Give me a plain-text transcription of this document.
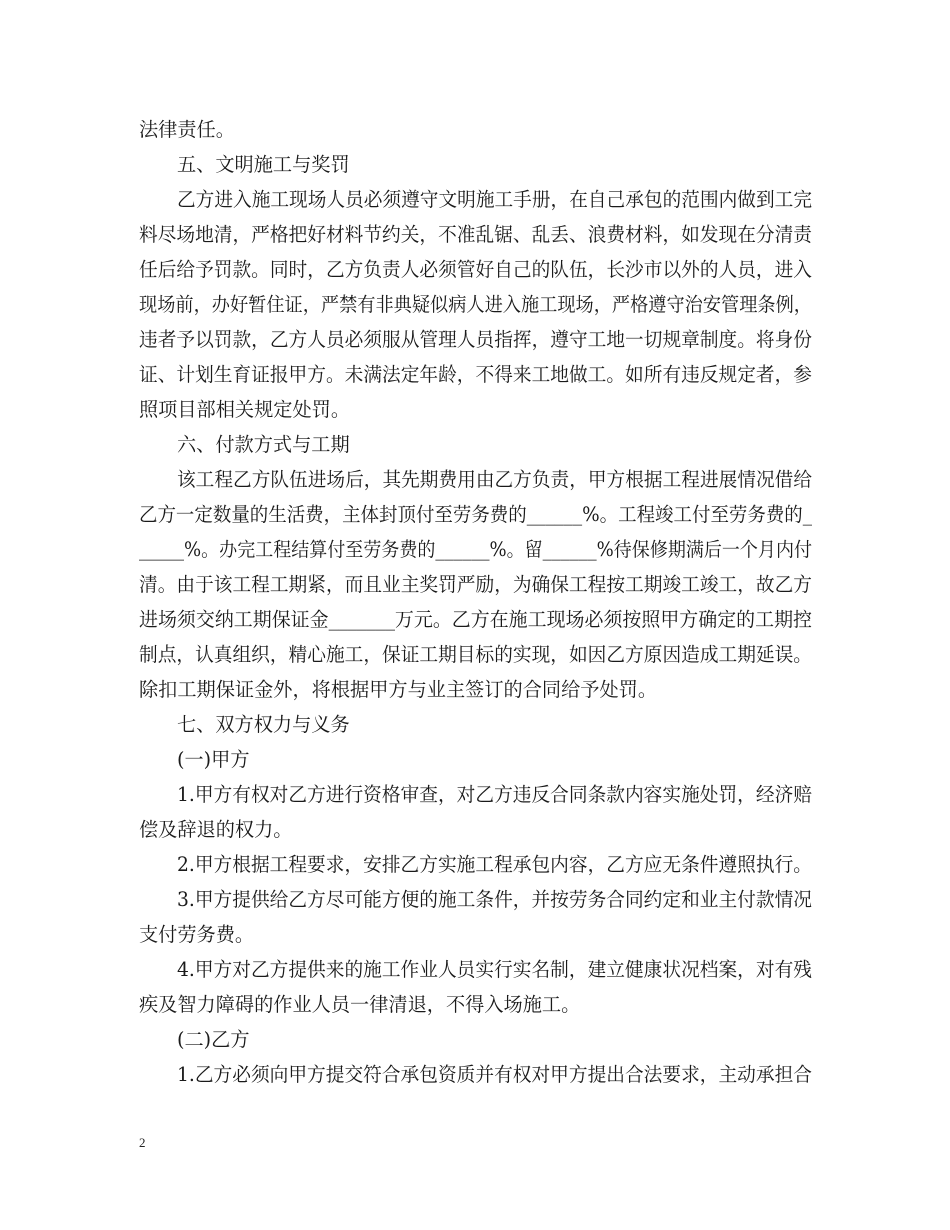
法律责任。
五、文明施工与奖罚
乙方进入施工现场人员必须遵守文明施工手册，在自己承包的范围内做到工完
料尽场地清，严格把好材料节约关，不准乱锯、乱丢、浪费材料，如发现在分清责
任后给予罚款。同时，乙方负责人必须管好自己的队伍，长沙市以外的人员，进入
现场前，办好暂住证，严禁有非典疑似病人进入施工现场，严格遵守治安管理条例，
违者予以罚款，乙方人员必须服从管理人员指挥，遵守工地一切规章制度。将身份
证、计划生育证报甲方。未满法定年龄，不得来工地做工。如所有违反规定者，参
照项目部相关规定处罚。
六、付款方式与工期
该工程乙方队伍进场后，其先期费用由乙方负责，甲方根据工程进展情况借给
乙方一定数量的生活费，主体封顶付至劳务费的______%。工程竣工付至劳务费的_
_____%。办完工程结算付至劳务费的______%。留______%待保修期满后一个月内付
清。由于该工程工期紧，而且业主奖罚严励，为确保工程按工期竣工竣工，故乙方
进场须交纳工期保证金_______万元。乙方在施工现场必须按照甲方确定的工期控
制点，认真组织，精心施工，保证工期目标的实现，如因乙方原因造成工期延误。
除扣工期保证金外，将根据甲方与业主签订的合同给予处罚。
七、双方权力与义务
(一)甲方
1.甲方有权对乙方进行资格审查，对乙方违反合同条款内容实施处罚，经济赔
偿及辞退的权力。
2.甲方根据工程要求，安排乙方实施工程承包内容，乙方应无条件遵照执行。
3.甲方提供给乙方尽可能方便的施工条件，并按劳务合同约定和业主付款情况
支付劳务费。
4.甲方对乙方提供来的施工作业人员实行实名制，建立健康状况档案，对有残
疾及智力障碍的作业人员一律清退，不得入场施工。
(二)乙方
1.乙方必须向甲方提交符合承包资质并有权对甲方提出合法要求，主动承担合
2
